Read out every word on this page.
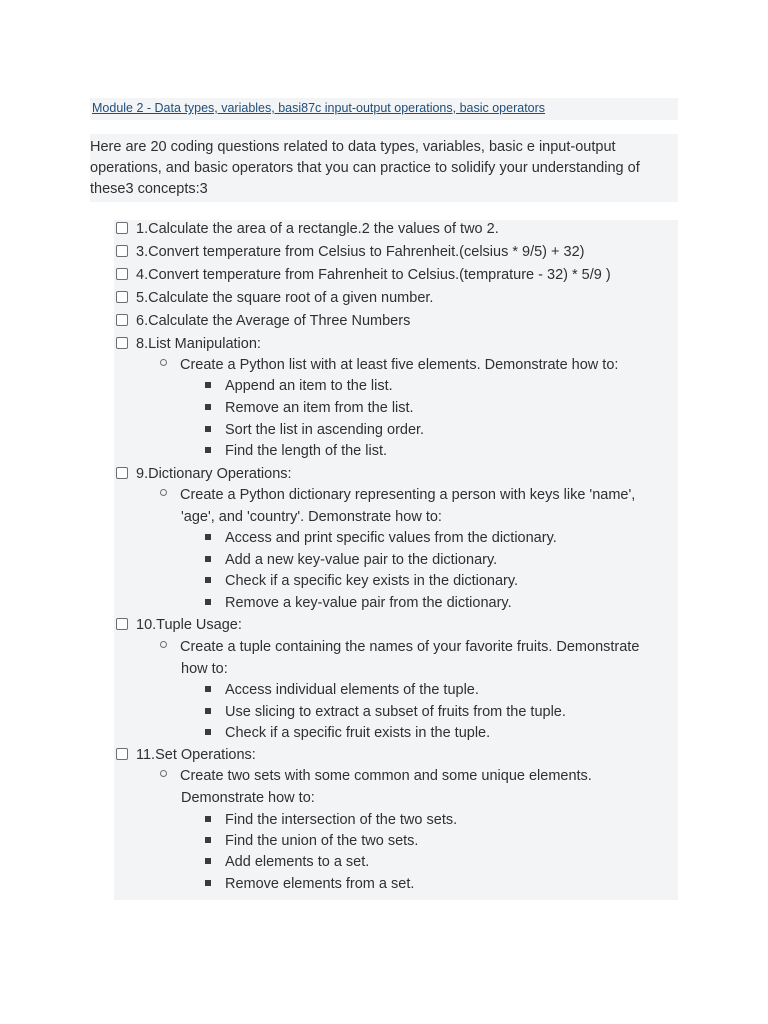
Module 2 - Data types, variables, basi87c input-output operations, basic operators
Here are 20 coding questions related to data types, variables, basic e input-output
operations, and basic operators that you can practice to solidify your understanding of
these3 concepts:3
1.Calculate the area of a rectangle.2 the values of two 2.
3.Convert temperature from Celsius to Fahrenheit.(celsius * 9/5) + 32)
4.Convert temperature from Fahrenheit to Celsius.(temprature - 32) * 5/9 )
5.Calculate the square root of a given number.
6.Calculate the Average of Three Numbers
8.List Manipulation:
Create a Python list with at least five elements. Demonstrate how to:
Append an item to the list.
Remove an item from the list.
Sort the list in ascending order.
Find the length of the list.
9.Dictionary Operations:
Create a Python dictionary representing a person with keys like 'name',
'age', and 'country'. Demonstrate how to:
Access and print specific values from the dictionary.
Add a new key-value pair to the dictionary.
Check if a specific key exists in the dictionary.
Remove a key-value pair from the dictionary.
10.Tuple Usage:
Create a tuple containing the names of your favorite fruits. Demonstrate
how to:
Access individual elements of the tuple.
Use slicing to extract a subset of fruits from the tuple.
Check if a specific fruit exists in the tuple.
11.Set Operations:
Create two sets with some common and some unique elements.
Demonstrate how to:
Find the intersection of the two sets.
Find the union of the two sets.
Add elements to a set.
Remove elements from a set.
